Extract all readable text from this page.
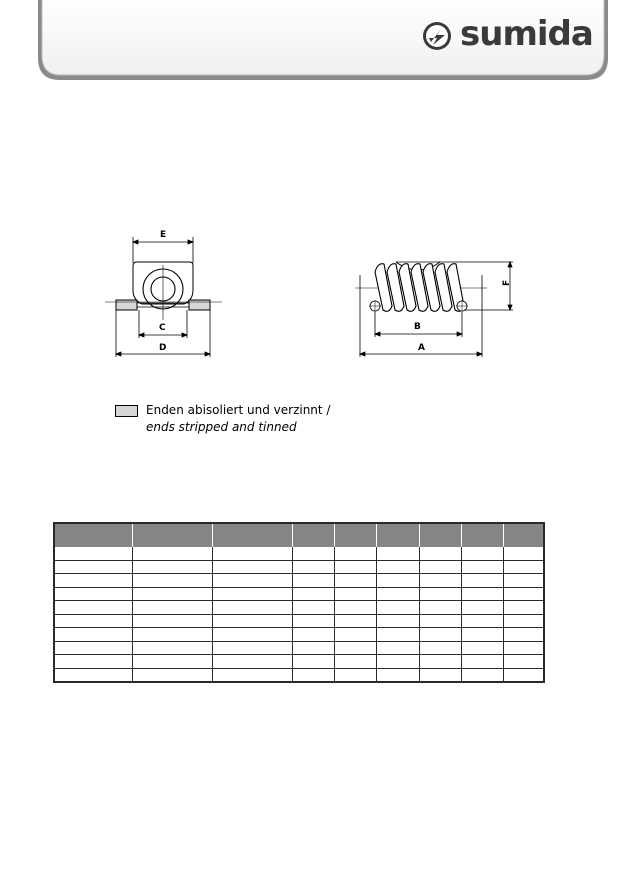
sumida
E
C
D
B
A
F
Enden abisoliert und verzinnt /
ends stripped and tinned
